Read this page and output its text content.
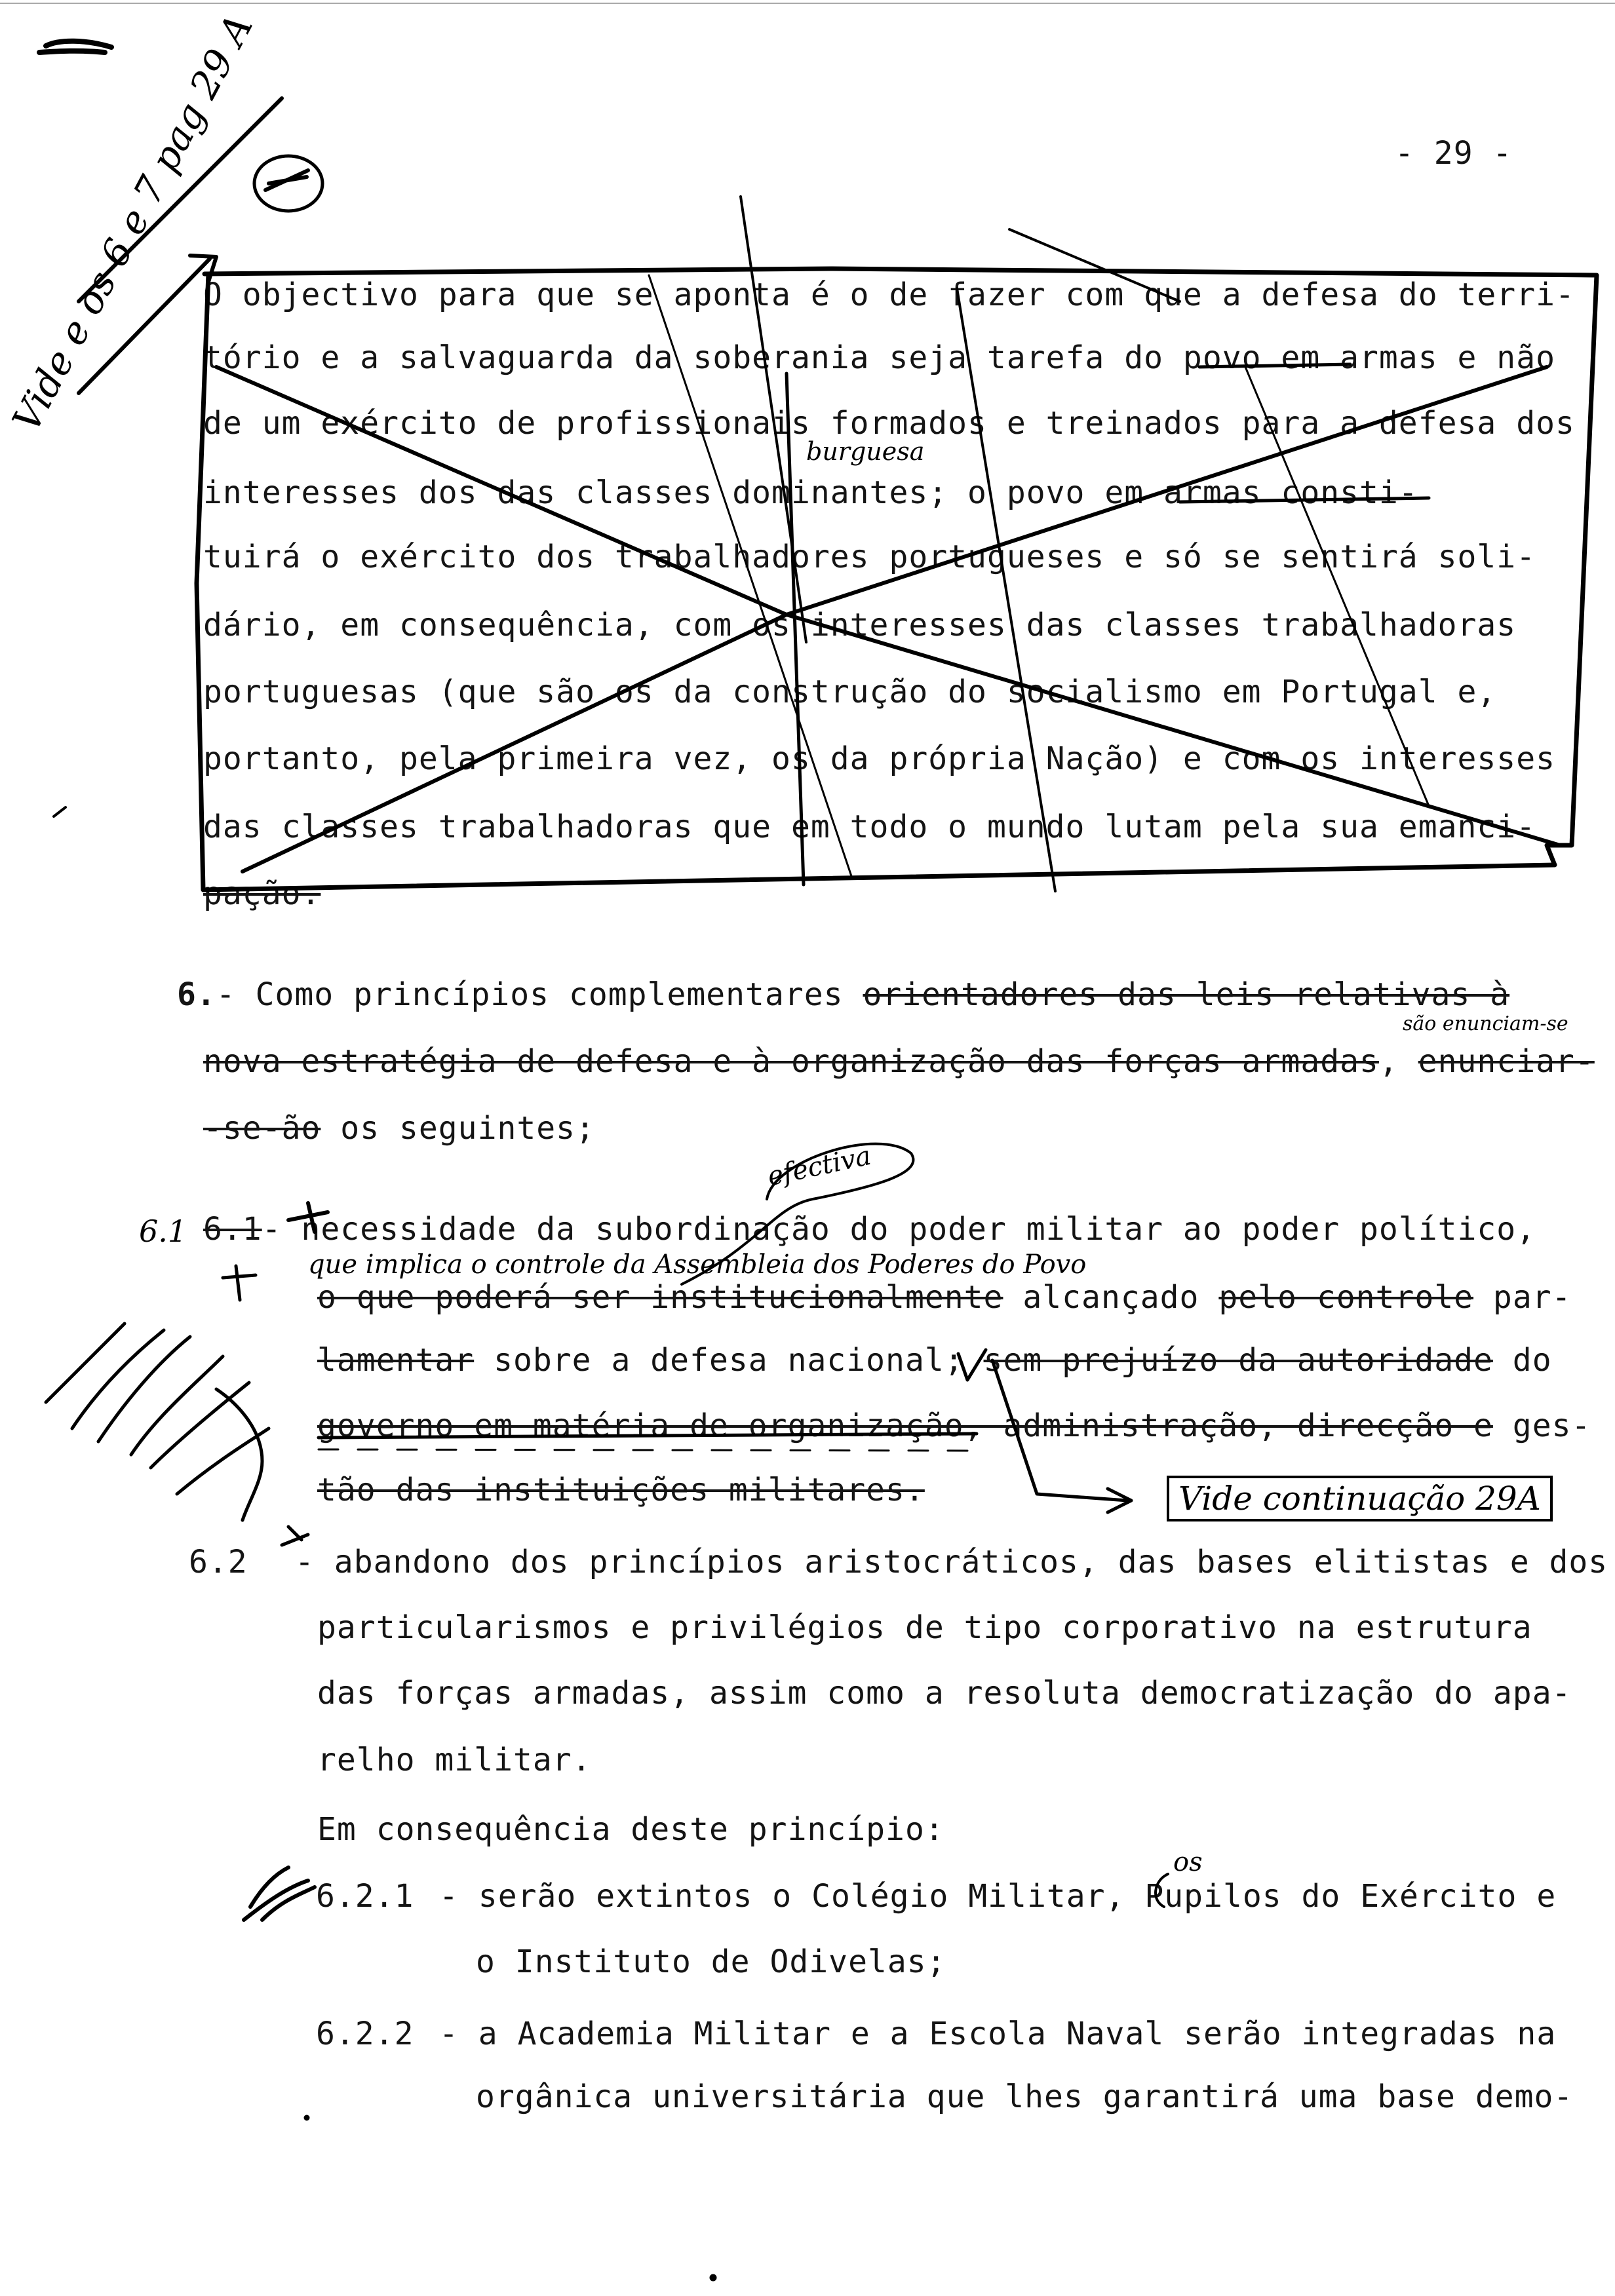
- 29 -
O objectivo para que se aponta é o de fazer com que a defesa do terri-
tório e a salvaguarda da soberania seja tarefa do povo em armas e não
de um exército de profissionais formados e treinados para a defesa dos
interesses dos das classes dominantes; o povo em armas consti-
tuirá o exército dos trabalhadores portugueses e só se sentirá soli-
dário, em consequência, com os interesses das classes trabalhadoras
portuguesas (que são os da construção do socialismo em Portugal e,
portanto, pela primeira vez, os da própria Nação) e com os interesses
das classes trabalhadoras que em todo o mundo lutam pela sua emanci-
pação.
6.- Como princípios complementares orientadores das leis relativas à
nova estratégia de defesa e à organização das forças armadas, enunciar-
-se-ão os seguintes;
6.1- necessidade da subordinação do poder militar ao poder político,
o que poderá ser institucionalmente alcançado pelo controle par-
lamentar sobre a defesa nacional; sem prejuízo da autoridade do
governo em matéria de organização, administração, direcção e ges-
tão das instituições militares.
6.2 - abandono dos princípios aristocráticos, das bases elitistas e dos
particularismos e privilégios de tipo corporativo na estrutura
das forças armadas, assim como a resoluta democratização do apa-
relho militar.
Em consequência deste princípio:
6.2.1 - serão extintos o Colégio Militar, Pupilos do Exército e
o Instituto de Odivelas;
6.2.2 - a Academia Militar e a Escola Naval serão integradas na
orgânica universitária que lhes garantirá uma base demo-
Vide e os 6 e 7 pag 29 A
burguesa
efectiva
são enunciam-se
6.1
que implica o controle da Assembleia dos Poderes do Povo
os
Vide continuação 29A
